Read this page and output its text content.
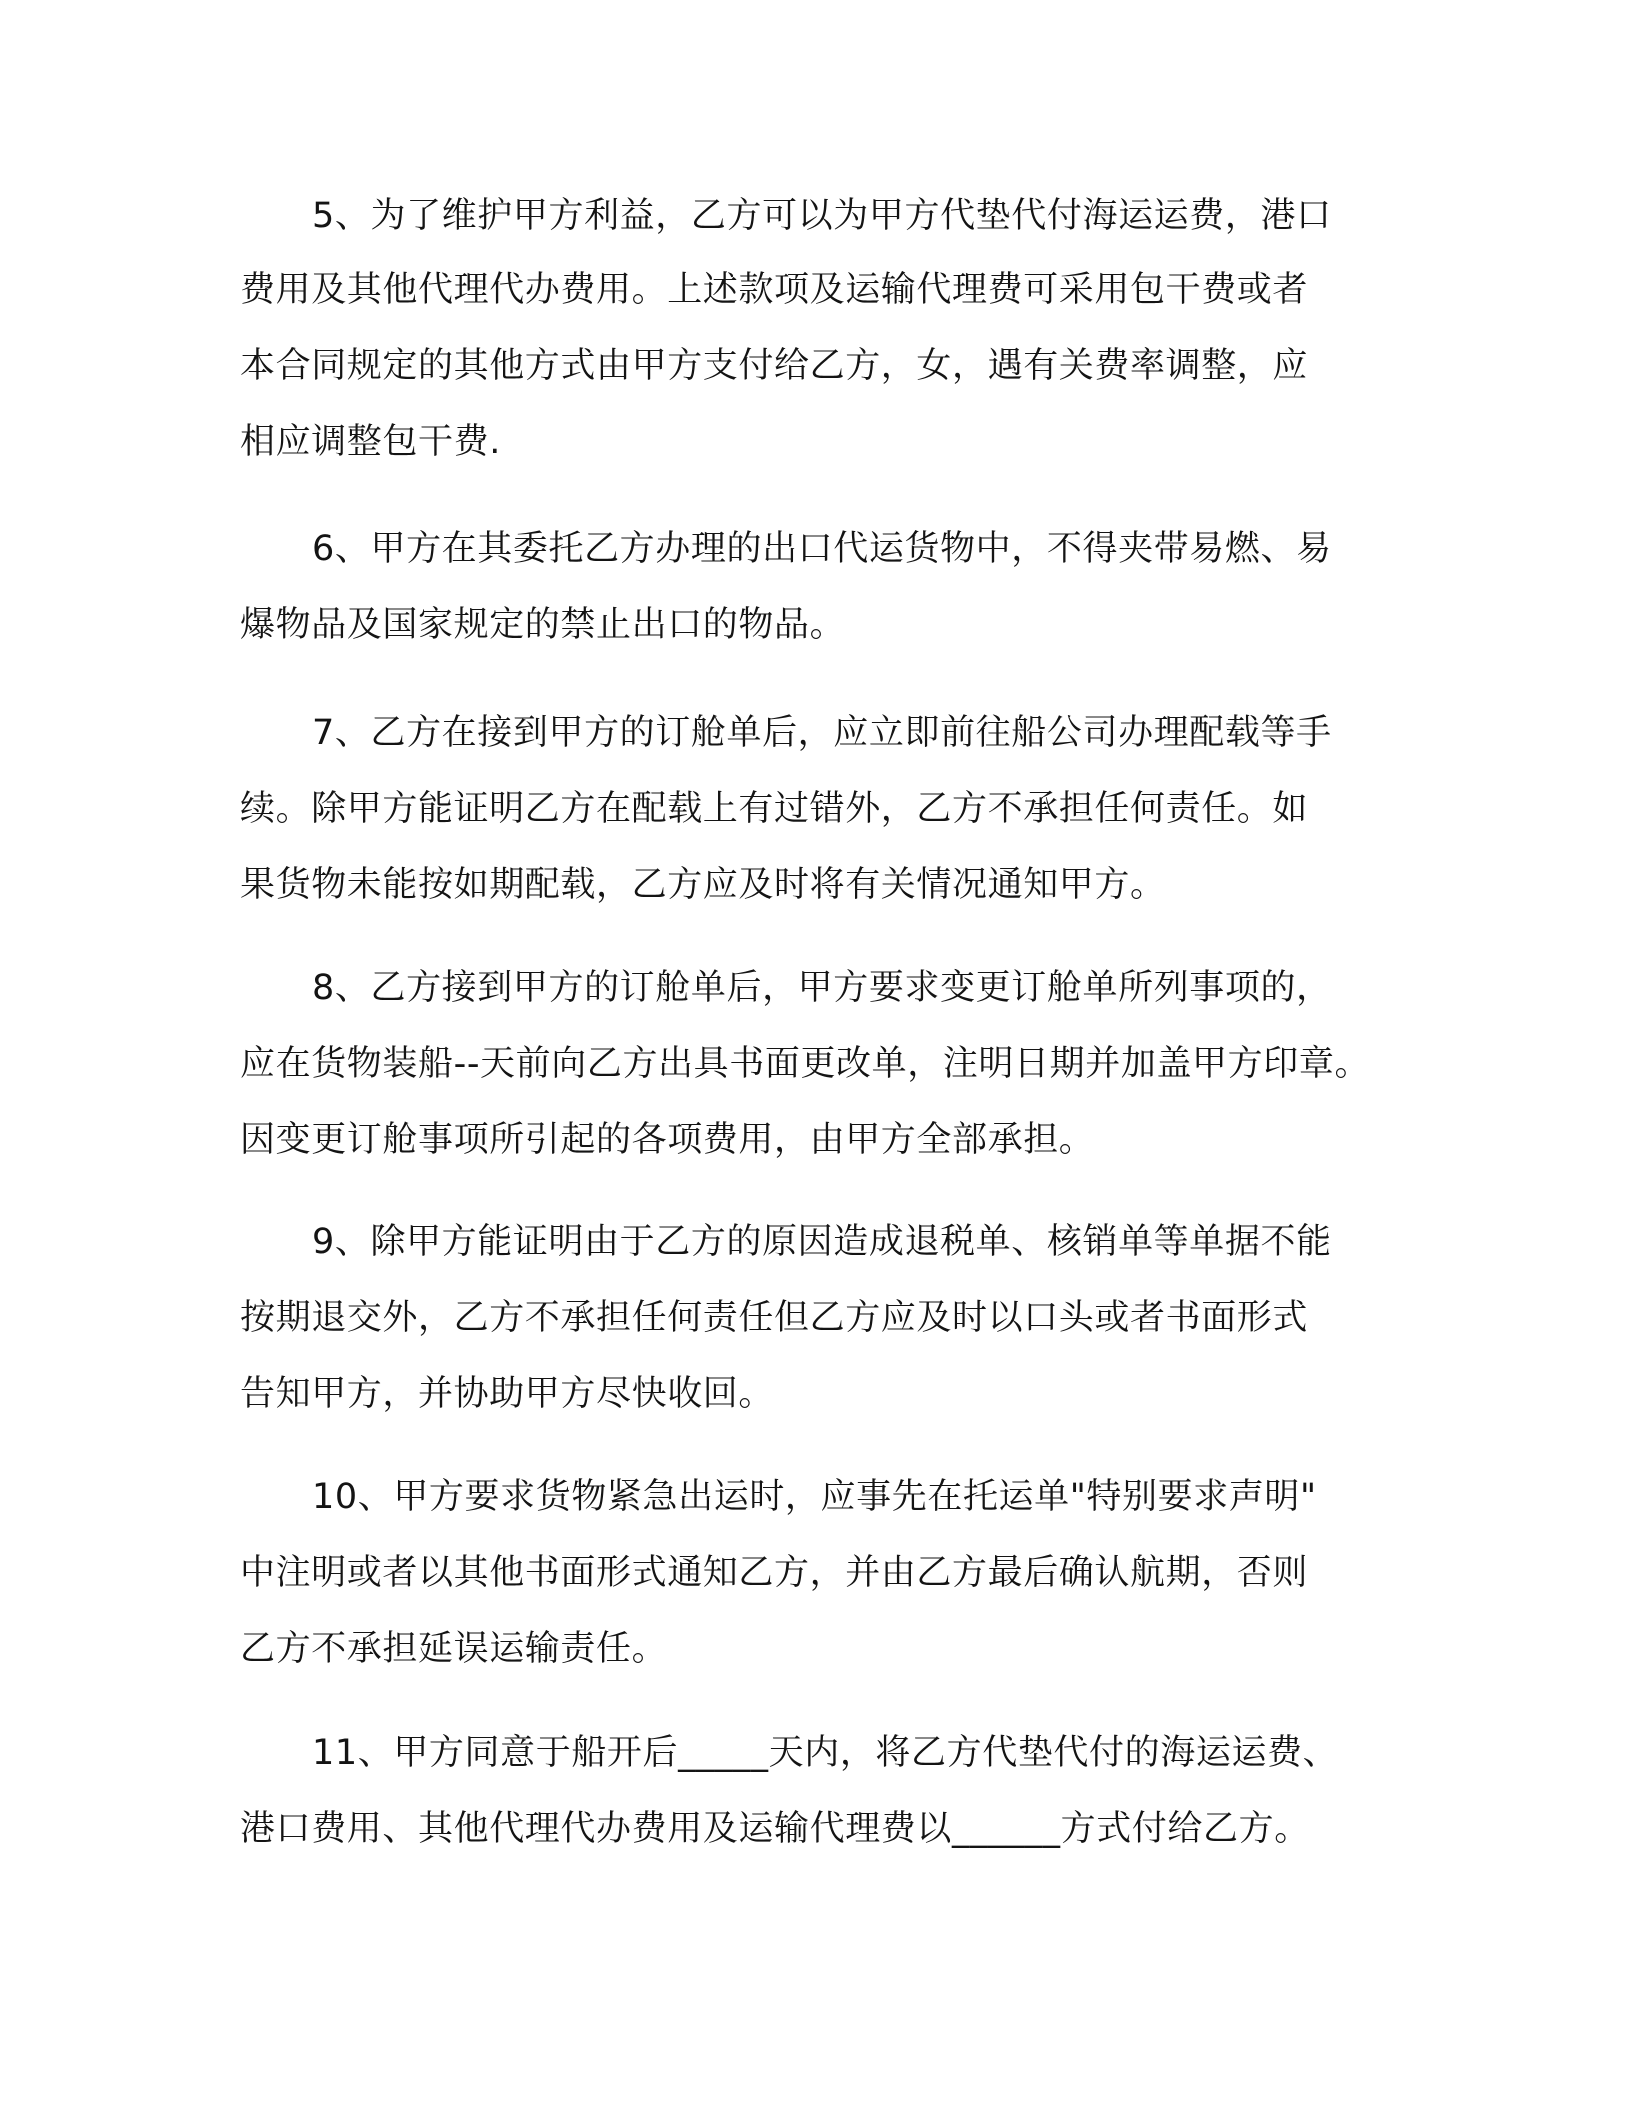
5、为了维护甲方利益，乙方可以为甲方代垫代付海运运费，港口
费用及其他代理代办费用。上述款项及运输代理费可采用包干费或者
本合同规定的其他方式由甲方支付给乙方，女，遇有关费率调整，应
相应调整包干费.
6、甲方在其委托乙方办理的出口代运货物中，不得夹带易燃、易
爆物品及国家规定的禁止出口的物品。
7、乙方在接到甲方的订舱单后，应立即前往船公司办理配载等手
续。除甲方能证明乙方在配载上有过错外，乙方不承担任何责任。如
果货物未能按如期配载，乙方应及时将有关情况通知甲方。
8、乙方接到甲方的订舱单后，甲方要求变更订舱单所列事项的，
应在货物装船--天前向乙方出具书面更改单，注明日期并加盖甲方印章。
因变更订舱事项所引起的各项费用，由甲方全部承担。
9、除甲方能证明由于乙方的原因造成退税单、核销单等单据不能
按期退交外，乙方不承担任何责任但乙方应及时以口头或者书面形式
告知甲方，并协助甲方尽快收回。
10、甲方要求货物紧急出运时，应事先在托运单"特别要求声明"
中注明或者以其他书面形式通知乙方，并由乙方最后确认航期，否则
乙方不承担延误运输责任。
11、甲方同意于船开后_____天内，将乙方代垫代付的海运运费、
港口费用、其他代理代办费用及运输代理费以______方式付给乙方。
